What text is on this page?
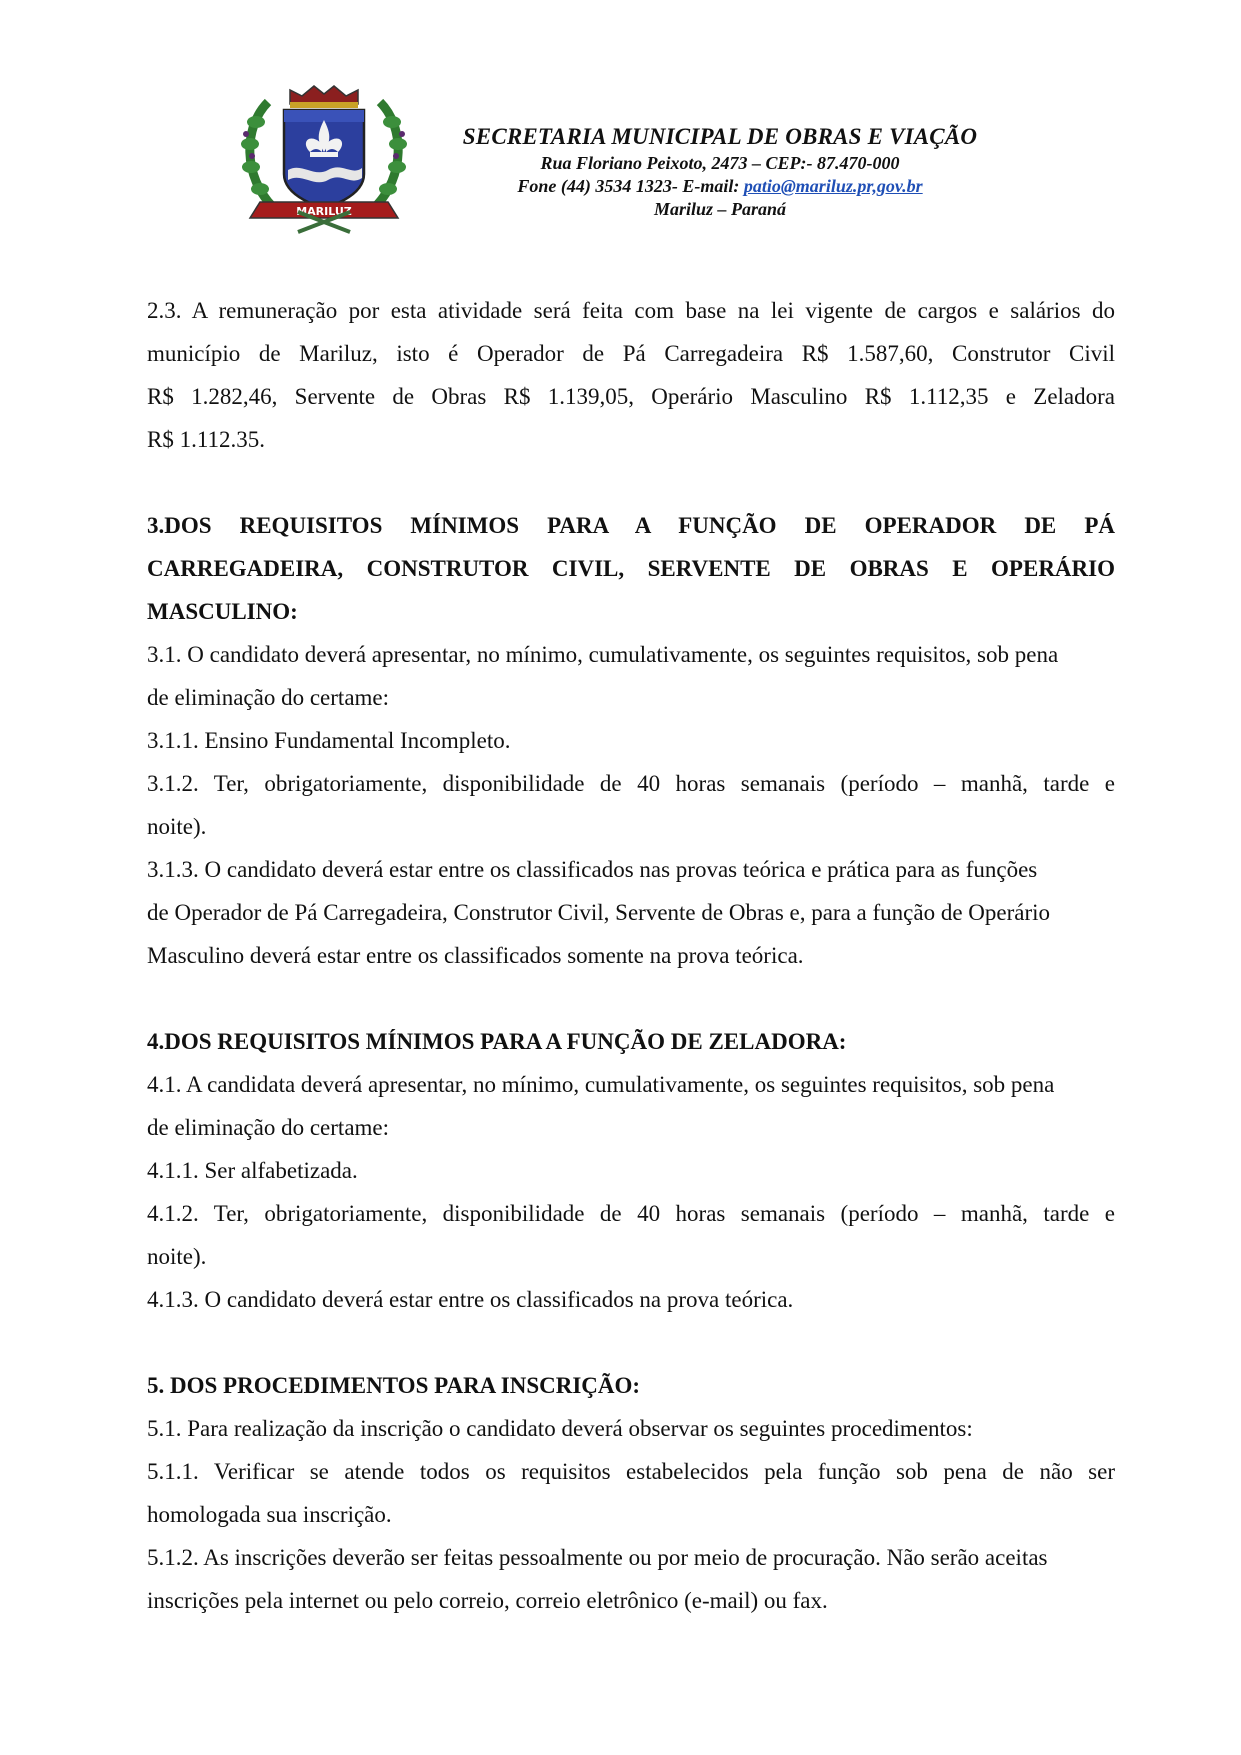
MARILUZ
SECRETARIA MUNICIPAL DE OBRAS E VIAÇÃO
Rua Floriano Peixoto, 2473 – CEP:- 87.470-000
Fone (44) 3534 1323- E-mail: patio@mariluz.pr,gov.br
Mariluz – Paraná

2.3. A remuneração por esta atividade será feita com base na lei vigente de cargos e salários do

município de Mariluz, isto é Operador de Pá Carregadeira R$ 1.587,60, Construtor Civil

R$ 1.282,46, Servente de Obras R$ 1.139,05, Operário Masculino R$ 1.112,35 e Zeladora

R$ 1.112.35.

3.DOS REQUISITOS MÍNIMOS PARA A FUNÇÃO DE OPERADOR DE PÁ

CARREGADEIRA, CONSTRUTOR CIVIL, SERVENTE DE OBRAS E OPERÁRIO

MASCULINO:

3.1. O candidato deverá apresentar, no mínimo, cumulativamente, os seguintes requisitos, sob pena

de eliminação do certame:

3.1.1. Ensino Fundamental Incompleto.

3.1.2. Ter, obrigatoriamente, disponibilidade de 40 horas semanais (período – manhã, tarde e

noite).

3.1.3. O candidato deverá estar entre os classificados nas provas teórica e prática para as funções

de Operador de Pá Carregadeira, Construtor Civil, Servente de Obras e, para a função de Operário

Masculino deverá estar entre os classificados somente na prova teórica.

4.DOS REQUISITOS MÍNIMOS PARA A FUNÇÃO DE ZELADORA:

4.1. A candidata deverá apresentar, no mínimo, cumulativamente, os seguintes requisitos, sob pena

de eliminação do certame:

4.1.1. Ser alfabetizada.

4.1.2. Ter, obrigatoriamente, disponibilidade de 40 horas semanais (período – manhã, tarde e

noite).

4.1.3. O candidato deverá estar entre os classificados na prova teórica.

5. DOS PROCEDIMENTOS PARA INSCRIÇÃO:

5.1. Para realização da inscrição o candidato deverá observar os seguintes procedimentos:

5.1.1. Verificar se atende todos os requisitos estabelecidos pela função sob pena de não ser

homologada sua inscrição.

5.1.2. As inscrições deverão ser feitas pessoalmente ou por meio de procuração. Não serão aceitas

inscrições pela internet ou pelo correio, correio eletrônico (e-mail) ou fax.
